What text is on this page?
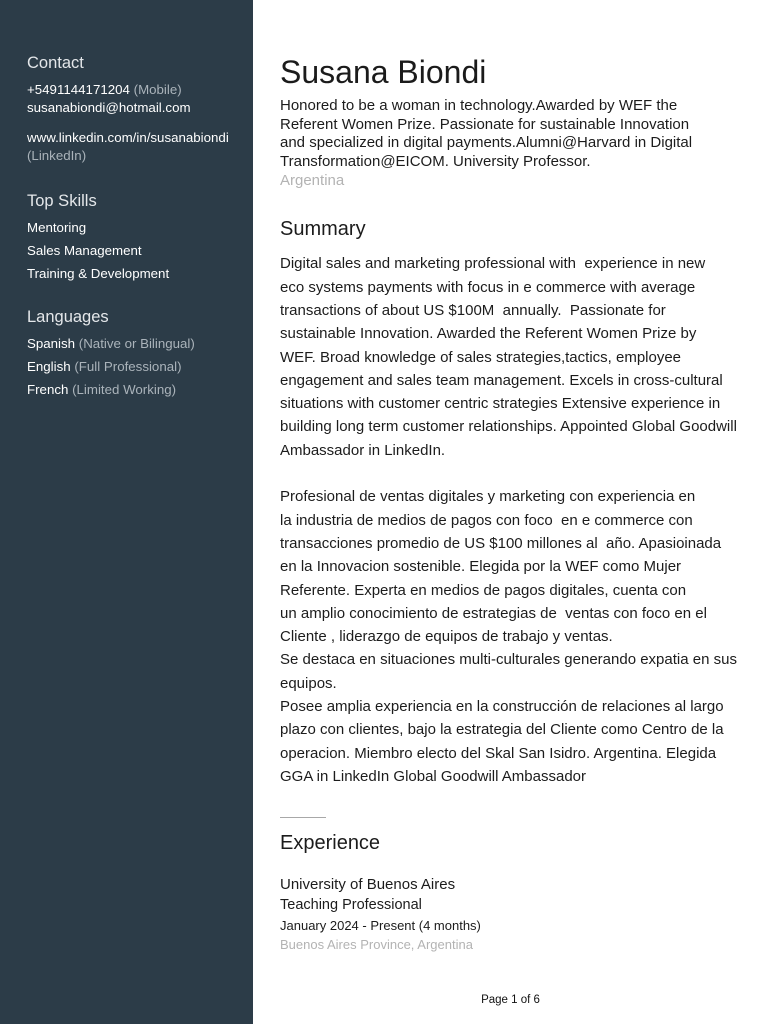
Contact
+5491144171204 (Mobile)
susanabiondi@hotmail.com
www.linkedin.com/in/susanabiondi
(LinkedIn)
Top Skills
Mentoring
Sales Management
Training & Development
Languages
Spanish (Native or Bilingual)
English (Full Professional)
French (Limited Working)
Susana Biondi
Honored to be a woman in technology.Awarded by WEF the
Referent Women Prize. Passionate for sustainable Innovation
and specialized in digital payments.Alumni@Harvard in Digital
Transformation@EICOM. University Professor.
Argentina
Summary
Digital sales and marketing professional with  experience in new
eco systems payments with focus in e commerce with average
transactions of about US $100M  annually.  Passionate for
sustainable Innovation. Awarded the Referent Women Prize by
WEF. Broad knowledge of sales strategies,tactics, employee
engagement and sales team management. Excels in cross-cultural
situations with customer centric strategies Extensive experience in
building long term customer relationships. Appointed Global Goodwill
Ambassador in LinkedIn.
Profesional de ventas digitales y marketing con experiencia en
la industria de medios de pagos con foco  en e commerce con
transacciones promedio de US $100 millones al  año. Apasioinada
en la Innovacion sostenible. Elegida por la WEF como Mujer
Referente. Experta en medios de pagos digitales, cuenta con
un amplio conocimiento de estrategias de  ventas con foco en el
Cliente , liderazgo de equipos de trabajo y ventas.
Se destaca en situaciones multi-culturales generando expatia en sus
equipos.
Posee amplia experiencia en la construcción de relaciones al largo
plazo con clientes, bajo la estrategia del Cliente como Centro de la
operacion. Miembro electo del Skal San Isidro. Argentina. Elegida
GGA in LinkedIn Global Goodwill Ambassador
Experience
University of Buenos Aires
Teaching Professional
January 2024 - Present (4 months)
Buenos Aires Province, Argentina
Page 1 of 6
